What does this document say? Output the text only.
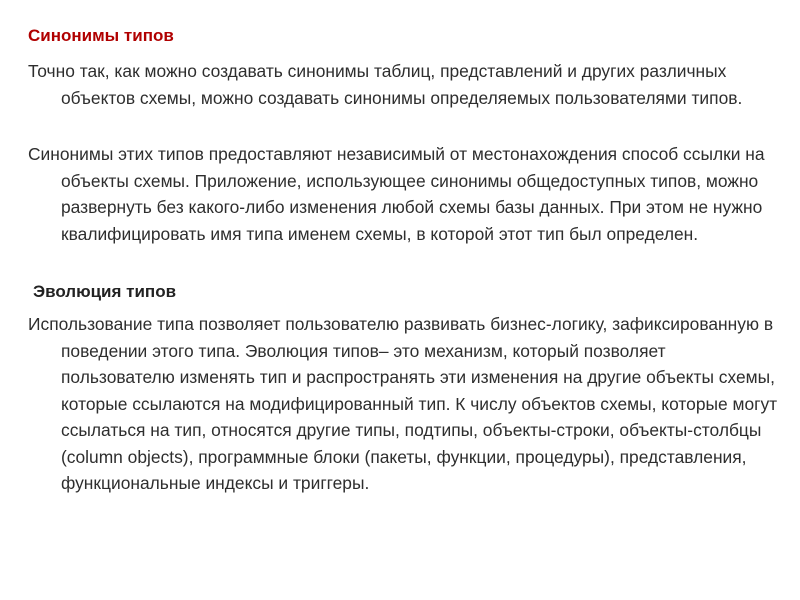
Синонимы типов

Точно так, как можно создавать синонимы таблиц, представлений и других различных объектов схемы, можно создавать синонимы определяемых пользователями типов.

Синонимы этих типов предоставляют независимый от местонахождения способ ссылки на объекты схемы. Приложение, использующее синонимы общедоступных типов, можно развернуть без какого-либо изменения любой схемы базы данных. При этом не нужно квалифицировать имя типа именем схемы, в которой этот тип был определен.

Эволюция типов

Использование типа позволяет пользователю развивать бизнес-логику, зафиксированную в поведении этого типа. Эволюция типов– это механизм, который позволяет пользователю изменять тип и распространять эти изменения на другие объекты схемы, которые ссылаются на модифицированный тип. К числу объектов схемы, которые могут ссылаться на тип, относятся другие типы, подтипы, объекты-строки, объекты-столбцы (column objects), программные блоки (пакеты, функции, процедуры), представления, функциональные индексы и триггеры.
